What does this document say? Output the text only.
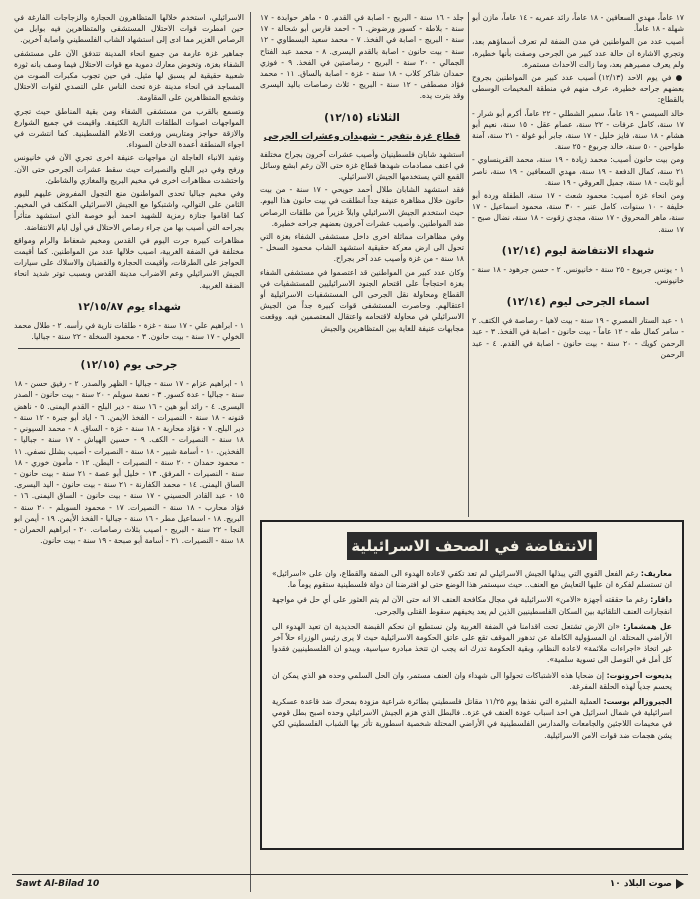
١٧ عاماً، مهدي السعافين - ١٨ عاماً، رائد عمريه - ١٤ عاماً، مازن أبو شهلة - ١٨ عاماً.

أصيب عدد من المواطنين في مدن الضفة لم تعرف أسماؤهم بعد، وتجري الاشارة ان حالة عدد كبير من الجرحى وصفت بأنها خطيرة، ولم يعرف مصيرهم بعد، وما زالت الاحداث مستمرة.

● في يوم الاحد (١٢/١٣) أصيب عدد كبير من المواطنين بجروح بعضهم جراحه خطيرة، عرف منهم في منطقة المخيمات الوسطى بالقطاع:

خالد السيسي - ١٩ عاماً، سمير الشطلي - ٢٢ عاماً، أكرم أبو شرار - ١٧ سنة، كامل عرفات - ٢٢ سنة، عصام عقل - ١٥ سنة، نعيم أبو هشام - ١٨ سنة، فايز خليل - ١٧ سنة، جابر أبو غولة - ٢١ سنة، آمنة طواحين - ٥٠ سنة، خالد جربوع - ٢٥ سنة.

ومن بيت حانون أصيب: محمد زيادة - ١٩ سنة، محمد القرينساوي - ٢١ سنة، كمال الدفعة - ١٩ سنة، مهدي السعافين - ١٩ سنة، ناصر أبو ثابت - ١٨ سنة، جميل العروقي - ١٩ سنة.

ومن انحاء غزة أصيب: محمود شعث - ١٧ سنة، الطفلة وردة أبو خليفة - ١٠ سنوات، كامل عنبر - ٣٠ سنة، محمود اسماعيل - ١٧ سنة، ماهر المحروق - ١٧ سنة، مجدي زقوت - ١٨ سنة، نضال صبح - ١٧ سنة.

شهداء الانتفاضة ليوم (١٢/١٤)

١ - يونس جربوع - ٢٥ سنة - خانيونس. ٢ - حسن جرهود - ١٨ سنة - خانيونس.

اسماء الجرحى ليوم (١٢/١٤)

١ - عبد الستار المصري - ١٩ سنة - بيت لاهيا - رصاصة في الكتف. ٢ - سامر كمال طه - ١٢ عاماً - بيت حانون - اصابة في الفخذ. ٣ - عبد الرحمن كويك - ٢٠ سنة - بيت حانون - اصابة في القدم. ٤ - عبد الرحمن

جلد - ١٦ سنة - البريج - اصابة في القدم. ٥ - ماهر حوابدة - ١٧ سنة - بلاطة - كسور ورضوض. ٦ - احمد فارس أبو شحالة - ١٧ سنة - البريج - اصابة في الفخذ. ٧ - محمد سعيد البسطاوي - ١٢ سنة - بيت حانون - اصابة بالقدم اليسرى. ٨ - محمد عبد الفتاح الجمالي - ٢٠ سنة - البريج - رصاصتين في الفخذ. ٩ - فوزي حمدان شاكر كلاب - ١٨ سنة - غزة - اصابة بالساق. ١١ - محمد فؤاد مصطفى - ١٢ سنة - البريج - ثلاث رصاصات باليد اليسرى وقد بترت يده.

الثلاثاء (١٢/١٥)
قطاع غزة يتفجر - شهيدان وعشرات الجرحى

استشهد شابان فلسطينيان وأصيب عشرات آخرون بجراح مختلفة في اعنف مصادمات شهدها قطاع غزة حتى الآن رغم ابشع وسائل القمع التي يستخدمها الجيش الاسرائيلي.

فقد استشهد الشابان طلال أحمد حويحي - ١٧ سنة - من بيت حانون خلال مظاهرة عنيفة جداً انطلقت في بيت حانون هذا اليوم. حيث استخدم الجيش الاسرائيلي وابلاً غزيراً من طلقات الرصاص ضد المواطنين. وأصيب عشرات آخرون بعضهم جراحه خطيرة.

وفي مظاهرات مماثلة اخرى داخل مستشفى الشفاء بغزة التي تحول الى ارض معركة حقيقية استشهد الشاب محمود السخل - ١٨ سنة - من غزة وأصيب عدد آخر بجراح.

وكان عدد كبير من المواطنين قد اعتصموا في مستشفى الشفاء بغزة احتجاجاً على اقتحام الجنود الاسرائيليين للمستشفيات في القطاع ومحاولة نقل الجرحى الى المستشفيات الاسرائيلية أو اعتقالهم. وحاصرت المستشفى قوات كبيرة جداً من الجيش الاسرائيلي في محاولة لاقتحامه واعتقال المعتصمين فيه. ووقعت مجابهات عنيفة للغاية بين المتظاهرين والجيش

الاسرائيلي، استخدم خلالها المتظاهرون الحجارة والزجاجات الفارغة في حين امطرت قوات الاحتلال المستشفى والمتظاهرين فيه بوابل من الرصاص الغزير مما ادى إلى استشهاد الشاب الفلسطيني واصابة آخرين.

جماهير غزة عارمة من جميع انحاء المدينة تتدفق الآن على مستشفى الشفاء بغزة، وتخوض معارك دموية مع قوات الاحتلال فيما وصف بانه ثورة شعبية حقيقية لم يسبق لها مثيل. في حين تجوب مكبرات الصوت من المساجد في انحاء مدينة غزة تحث الناس على التصدي لقوات الاحتلال وتشجع المتظاهرين على المقاومة.

وتسمع بالقرب من مستشفى الشفاء ومن بقية المناطق حيث تجري المواجهات اصوات الطلقات النارية الكثيفة. واقيمت في جميع الشوارع والازقة حواجز ومتاريس ورفعت الاعلام الفلسطينية. كما انتشرت في اجواء المنطقة أعمدة الدخان السوداء.

وتفيد الانباء العاجلة ان مواجهات عنيفة اخرى تجري الآن في خانيونس ورفح وفي دير البلح والنصيرات حيث سقط عشرات الجرحى حتى الآن. واحتشدت مظاهرات اخرى في مخيم البريج والمغازي والشاطئ.

وفي مخيم جباليا تحدى المواطنون منع التجول المفروض عليهم لليوم الثامن على التوالي، واشتبكوا مع الجيش الاسرائيلي المكثف في المخيم. كما اقاموا جنازة رمزية للشهيد احمد أبو خوصة الذي استشهد متأثراً بجراحه التي أصيب بها من جراء رصاص الاحتلال في أول ايام الانتفاضة.

مظاهرات كبيرة جرت اليوم في القدس ومخيم شعفاط والرام ومواقع مختلفة في الضفة الغربية، اصيب خلالها عدد من المواطنين. كما أقيمت الحواجز على الطرقات، وأقيمت الحجارة والقضبان والاسلاك على سيارات الجيش الاسرائيلي وعم الاضراب مدينة القدس وبسبب توتر شديد انحاء الضفة الغربية.

شهداء يوم ١٢/١٥/٨٧

١ - ابراهيم علي - ١٧ سنة - غزة - طلقات نارية في رأسه. ٢ - طلال محمد الخولي - ١٧ سنة - بيت حانون. ٣ - محمود السخلة - ٢٢ سنة - جباليا.

جرحى يوم (١٢/١٥)

١ - ابراهيم عزام - ١٧ سنة - جباليا - الظهر والصدر. ٢ - رفيق حسن - ١٨ سنة - جباليا - عدة كسور. ٣ - نعمة سويلم - ٢٠ سنة - بيت حانون - الصدر اليسرى. ٤ - رائد أبو هين - ١٦ سنة - دير البلح - القدم اليمنى. ٥ - ناهض قنونه - ١٨ سنة - النصيرات - الفخذ الايمن. ٦ - اياد أبو جبرة - ١٢ سنة - دير البلح. ٧ - فؤاد محاربة - ١٨ سنة - غزة - الساق. ٨ - محمد السيوني - ١٨ سنة - النصيرات - الكف. ٩ - حسين الهياش - ١٧ سنة - جباليا - الفخذين. ١٠ - أسامة شبير - ١٨ سنة - النصيرات - أصيب بشلل نصفي. ١١ - محمود حمدان - ٢٠ سنة - النصيرات - البطن. ١٢ - مأمون خوري - ١٨ سنة - النصيرات - المرفق. ١٣ - خليل أبو عصة - ٢١ سنة - بيت حانون - الساق اليمنى. ١٤ - محمد الكفارنة - ٢١ سنة - بيت حانون - اليد اليسرى. ١٥ - عبد القادر الحسيني - ١٧ سنة - بيت حانون - الساق اليمنى. ١٦ - فؤاد محارب - ١٨ سنة - النصيرات. ١٧ - محمود السويلم - ٢٠ سنة - البريج. ١٨ - اسماعيل مطر - ١٦ سنة - جباليا - الفخذ الأيمن. ١٩ - أيمن ابو النجا - ٢٢ سنة - البريج - اصيب بثلاث رصاصات. ٢٠ - ابراهيم الحمران - ١٨ سنة - النصيرات. ٢١ - أسامة أبو صبحة - ١٩ سنة - بيت حانون.	الانتفاضة في الصحف الاسرائيلية

معاريف: رغم الفعل القوي التي يبذلها الجيش الاسرائيلي لم تعد تكفي لاعادة الهدوء الى الضفة والقطاع، وان على «اسرائيل» ان تستسلم لفكرة ان عليها التعايش مع العنف.. حيث سيستمر هذا الوضع حتى لو افترضنا ان دولة فلسطينية ستقوم يوماً ما.

دافار: رغم ما حققته أجهزة «الامن» الاسرائيلية في مجال مكافحة العنف الا انه حتى الآن لم يتم العثور على أي حل في مواجهة انفجارات العنف التلقائية بين السكان الفلسطينيين الذين لم يعد يخيفهم سقوط القتلى والجرحى.

عل همشمار: «ان الارض تشتعل تحت اقدامنا في الضفة الغربية ولن نستطيع ان نحكم القبضة الحديدية ان تعيد الهدوء الى الأراضي المحتلة. ان المسؤولية الكاملة عن تدهور الموقف تقع على عاتق الحكومة الاسرائيلية حيث لا يرى رئيس الوزراء حلاً آخر غير اتخاذ «اجراءات ملائمة» لاعادة النظام، وبقية الحكومة تدرك انه يجب ان تتخذ مبادرة سياسية، ويبدو ان الفلسطينيين فقدوا كل أمل في التوصل الى تسوية سلمية».

يديعوت احرونوت: إن ضحايا هذه الاشتباكات تحولوا الى شهداء وان العنف مستمر، وان الحل السلمي وحده هو الذي يمكن ان يحسم جدياً لهذه الحلقة المفرغة.

الجيروزالم بوست: العملية المثيرة التي نفذها يوم ١١/٢٥ مقاتل فلسطيني بطائرة شراعية مزودة بمحرك ضد قاعدة عسكرية اسرائيلية في شمال اسرائيل هي احد اسباب عودة العنف في غزة.. فالبطل الذي هزم الجيش الاسرائيلي وحده اصبح بطل قومي في مخيمات اللاجئين والجامعات والمدارس الفلسطينية في الأراضي المحتلة شخصية اسطورية تأثر بها الشباب الفلسطيني لكي يشن هجمات ضد قوات الامن الاسرائيلية.

Sawt Al-Bilad 10	صوت البلاد ١٠
